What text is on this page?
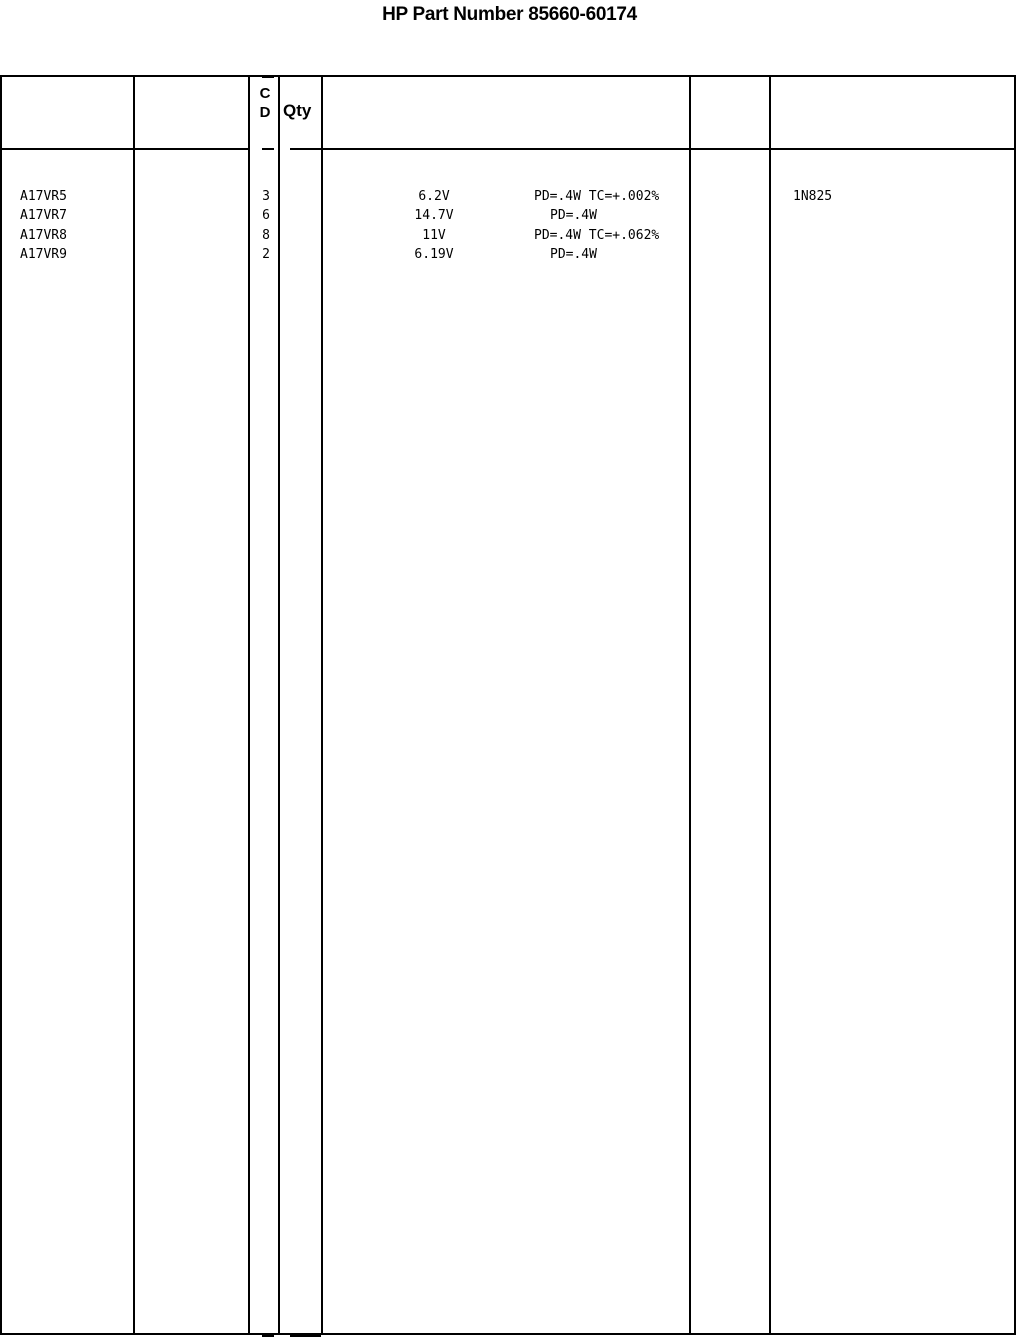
HP Part Number 85660-60174
C
D Qty
A17VR5	3	6.2V	PD=.4W TC=+.002%	1N825
A17VR7	6	14.7V	PD=.4W
A17VR8	8	11V	PD=.4W TC=+.062%
A17VR9	2	6.19V	PD=.4W
